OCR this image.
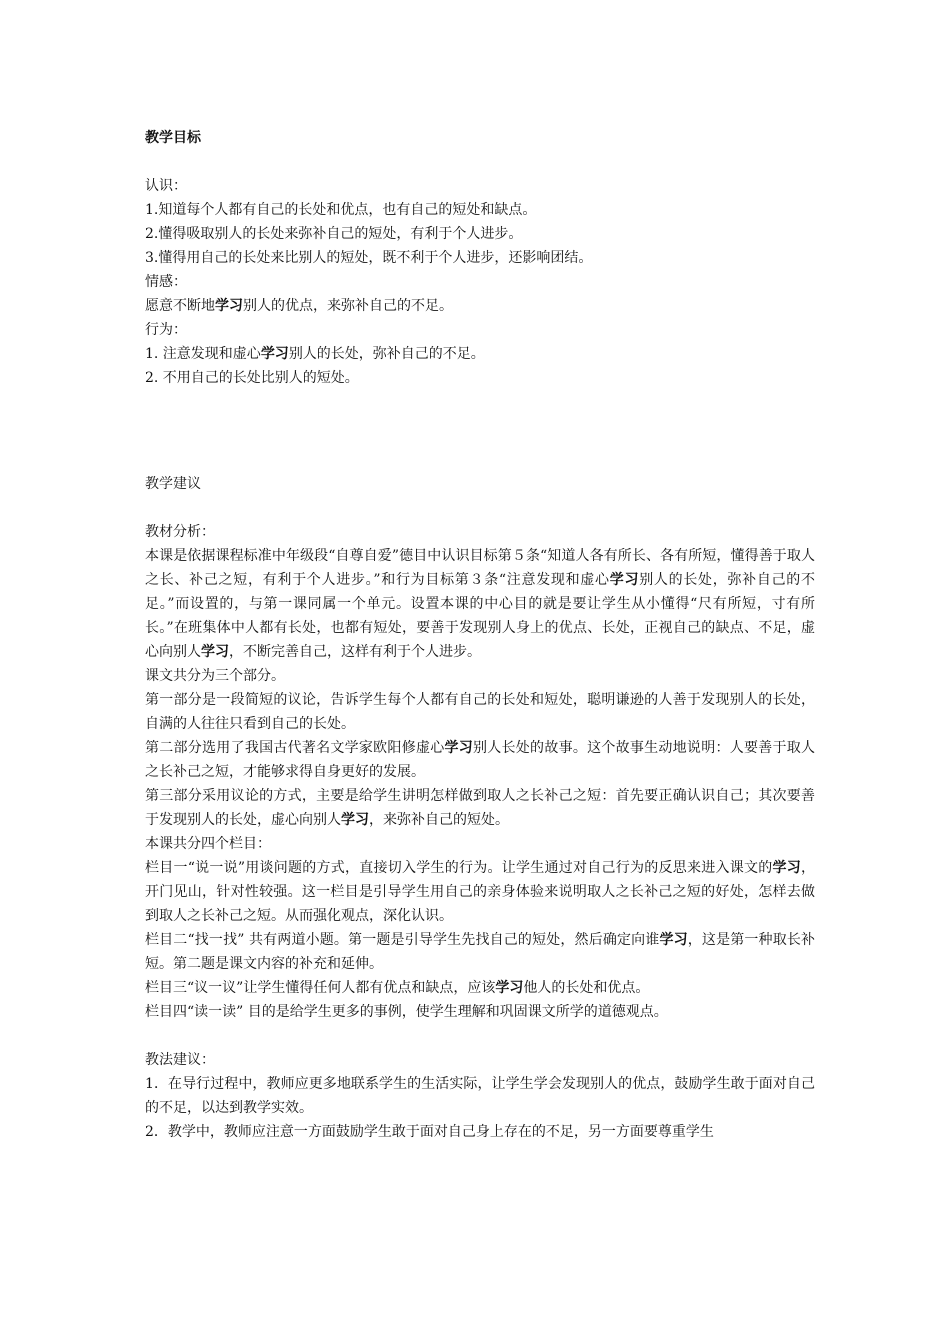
教学目标

认识：

1.知道每个人都有自己的长处和优点，也有自己的短处和缺点。

2.懂得吸取别人的长处来弥补自己的短处，有利于个人进步。

3.懂得用自己的长处来比别人的短处，既不利于个人进步，还影响团结。

情感：

愿意不断地学习别人的优点，来弥补自己的不足。

行为：

1. 注意发现和虚心学习别人的长处，弥补自己的不足。

2. 不用自己的长处比别人的短处。

教学建议

教材分析：

本课是依据课程标准中年级段“自尊自爱”德目中认识目标第５条“知道人各有所长、各有所短，懂得善于取人之长、补己之短，有利于个人进步。”和行为目标第３条“注意发现和虚心学习别人的长处，弥补自己的不足。”而设置的，与第一课同属一个单元。设置本课的中心目的就是要让学生从小懂得“尺有所短，寸有所长。”在班集体中人都有长处，也都有短处，要善于发现别人身上的优点、长处，正视自己的缺点、不足，虚心向别人学习，不断完善自己，这样有利于个人进步。

课文共分为三个部分。

第一部分是一段简短的议论，告诉学生每个人都有自己的长处和短处，聪明谦逊的人善于发现别人的长处，自满的人往往只看到自己的长处。

第二部分选用了我国古代著名文学家欧阳修虚心学习别人长处的故事。这个故事生动地说明：人要善于取人之长补己之短，才能够求得自身更好的发展。

第三部分采用议论的方式，主要是给学生讲明怎样做到取人之长补己之短：首先要正确认识自己；其次要善于发现别人的长处，虚心向别人学习，来弥补自己的短处。

本课共分四个栏目：

栏目一“说一说”用谈问题的方式，直接切入学生的行为。让学生通过对自己行为的反思来进入课文的学习，开门见山，针对性较强。这一栏目是引导学生用自己的亲身体验来说明取人之长补己之短的好处，怎样去做到取人之长补己之短。从而强化观点，深化认识。

栏目二“找一找” 共有两道小题。第一题是引导学生先找自己的短处，然后确定向谁学习，这是第一种取长补短。第二题是课文内容的补充和延伸。

栏目三“议一议”让学生懂得任何人都有优点和缺点，应该学习他人的长处和优点。

栏目四“读一读” 目的是给学生更多的事例，使学生理解和巩固课文所学的道德观点。

教法建议：

1．在导行过程中，教师应更多地联系学生的生活实际，让学生学会发现别人的优点，鼓励学生敢于面对自己的不足，以达到教学实效。

2．教学中，教师应注意一方面鼓励学生敢于面对自己身上存在的不足，另一方面要尊重学生
